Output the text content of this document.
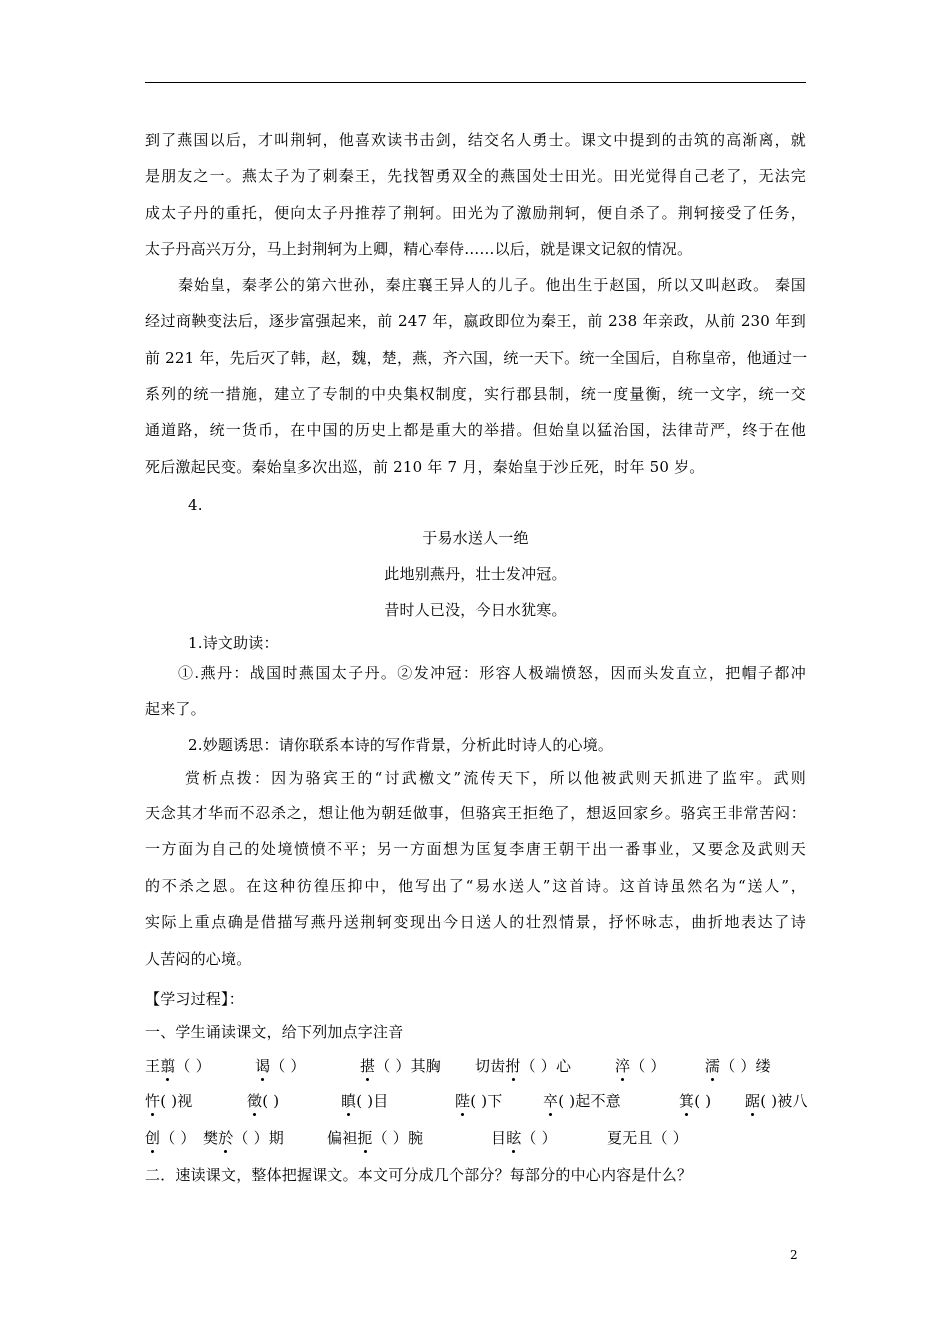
到了燕国以后，才叫荆轲，他喜欢读书击剑，结交名人勇士。课文中提到的击筑的高渐离，就
是朋友之一。燕太子为了刺秦王，先找智勇双全的燕国处士田光。田光觉得自己老了，无法完
成太子丹的重托，便向太子丹推荐了荆轲。田光为了激励荆轲，便自杀了。荆轲接受了任务，
太子丹高兴万分，马上封荆轲为上卿，精心奉侍……以后，就是课文记叙的情况。
秦始皇，秦孝公的第六世孙，秦庄襄王异人的儿子。他出生于赵国，所以又叫赵政。 秦国
经过商鞅变法后，逐步富强起来，前 247 年，嬴政即位为秦王，前 238 年亲政，从前 230 年到
前 221 年，先后灭了韩，赵，魏，楚，燕，齐六国，统一天下。统一全国后，自称皇帝，他通过一
系列的统一措施，建立了专制的中央集权制度，实行郡县制，统一度量衡，统一文字，统一交
通道路，统一货币，在中国的历史上都是重大的举措。但始皇以猛治国，法律苛严，终于在他
死后激起民变。秦始皇多次出巡，前 210 年 7 月，秦始皇于沙丘死，时年 50 岁。
4.
于易水送人一绝
此地别燕丹，壮士发冲冠。
昔时人已没，今日水犹寒。
1.诗文助读：
①.燕丹：战国时燕国太子丹。②发冲冠：形容人极端愤怒，因而头发直立，把帽子都冲
起来了。
2.妙题诱思：请你联系本诗的写作背景，分析此时诗人的心境。
赏析点拨：因为骆宾王的“讨武檄文”流传天下，所以他被武则天抓进了监牢。武则
天念其才华而不忍杀之，想让他为朝廷做事，但骆宾王拒绝了，想返回家乡。骆宾王非常苦闷：
一方面为自己的处境愤愤不平；另一方面想为匡复李唐王朝干出一番事业，又要念及武则天
的不杀之恩。在这种彷徨压抑中，他写出了“易水送人”这首诗。这首诗虽然名为“送人”，
实际上重点确是借描写燕丹送荆轲变现出今日送人的壮烈情景，抒怀咏志，曲折地表达了诗
人苦闷的心境。
【学习过程】：
一、学生诵读课文，给下列加点字注音
王翦（ ）	谒（ ）	揕（ ）其胸 切齿拊（ ）心	淬（ ）	濡（ ）缕
忤( )视	徵( )	瞋( )目	陛( )下	卒( )起不意	箕( ) 踞( )被八
创（ ） 樊於（ ）期	偏袒扼（ ）腕	目眩（ ）	夏无且（ ）
二．速读课文，整体把握课文。本文可分成几个部分？每部分的中心内容是什么？
2
